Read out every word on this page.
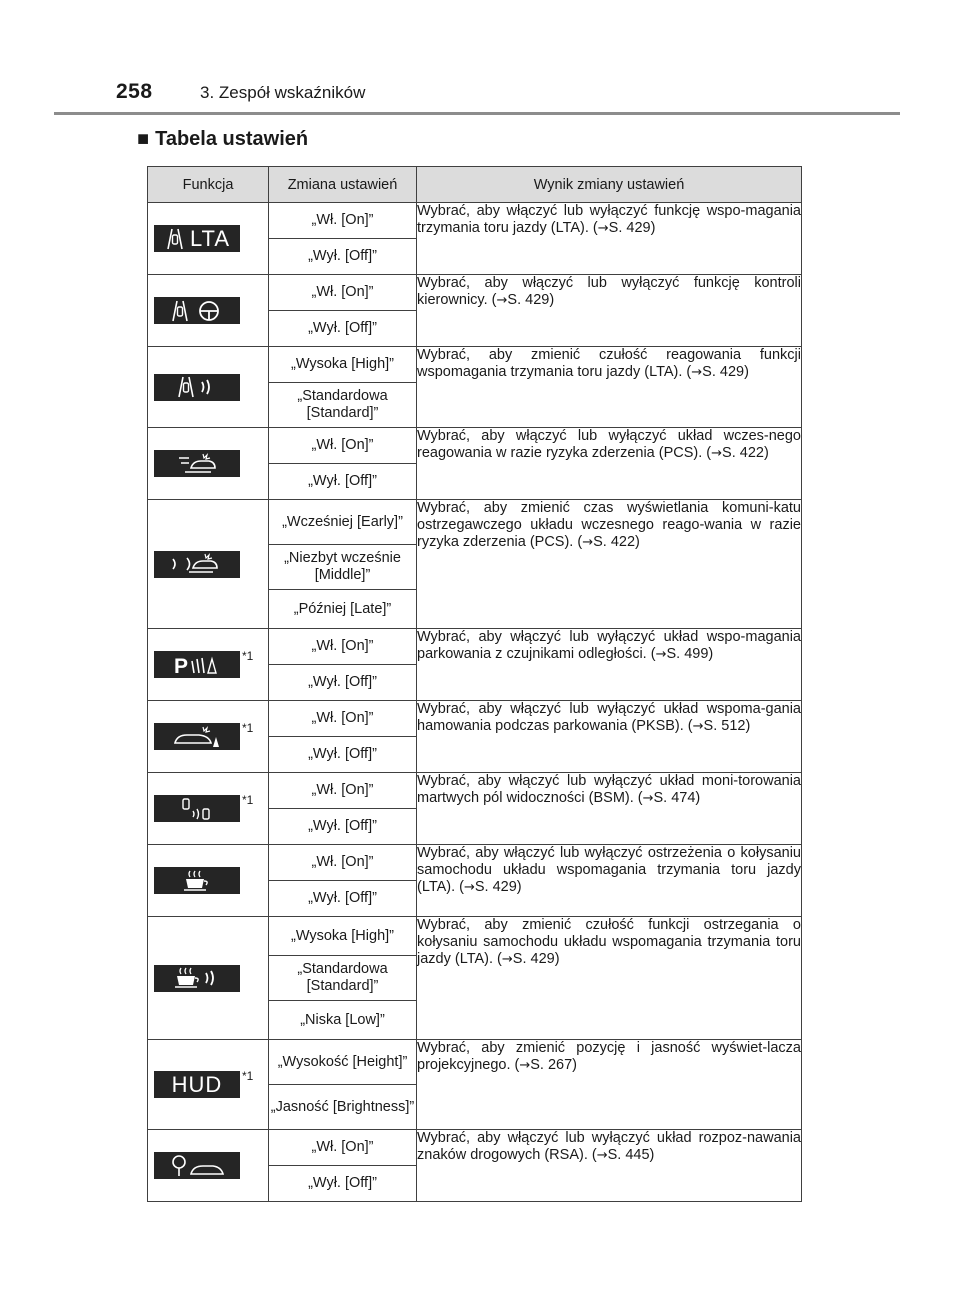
258	3. Zespół wskaźników
■ Tabela ustawień
Funkcja	Zmiana ustawień	Wynik zmiany ustawień

LTA	„Wł. [On]”	Wybrać, aby włączyć lub wyłączyć funkcję wspo-magania trzymania toru jazdy (LTA). (→S. 429)
	„Wył. [Off]”	

	„Wł. [On]”	Wybrać, aby włączyć lub wyłączyć funkcję kontroli kierownicy. (→S. 429)
	„Wył. [Off]”	

	„Wysoka [High]”	Wybrać, aby zmienić czułość reagowania funkcji wspomagania trzymania toru jazdy (LTA). (→S. 429)
	„Standardowa [Standard]”	

	„Wł. [On]”	Wybrać, aby włączyć lub wyłączyć układ wczes-nego reagowania w razie ryzyka zderzenia (PCS). (→S. 422)
	„Wył. [Off]”	

	„Wcześniej [Early]”	Wybrać, aby zmienić czas wyświetlania komuni-katu ostrzegawczego układu wczesnego reago-wania w razie ryzyka zderzenia (PCS). (→S. 422)
	„Niezbyt wcześnie [Middle]”	
	„Później [Late]”	

P *1	„Wł. [On]”	Wybrać, aby włączyć lub wyłączyć układ wspo-magania parkowania z czujnikami odległości. (→S. 499)
	„Wył. [Off]”	

*1	„Wł. [On]”	Wybrać, aby włączyć lub wyłączyć układ wspoma-gania hamowania podczas parkowania (PKSB). (→S. 512)
	„Wył. [Off]”	

*1	„Wł. [On]”	Wybrać, aby włączyć lub wyłączyć układ moni-torowania martwych pól widoczności (BSM). (→S. 474)
	„Wył. [Off]”	

	„Wł. [On]”	Wybrać, aby włączyć lub wyłączyć ostrzeżenia o kołysaniu samochodu układu wspomagania trzymania toru jazdy (LTA). (→S. 429)
	„Wył. [Off]”	

	„Wysoka [High]”	Wybrać, aby zmienić czułość funkcji ostrzegania o kołysaniu samochodu układu wspomagania trzymania toru jazdy (LTA). (→S. 429)
	„Standardowa [Standard]”	
	„Niska [Low]”	

HUD *1	„Wysokość [Height]”	Wybrać, aby zmienić pozycję i jasność wyświet-lacza projekcyjnego. (→S. 267)
	„Jasność [Brightness]”	

	„Wł. [On]”	Wybrać, aby włączyć lub wyłączyć układ rozpoz-nawania znaków drogowych (RSA). (→S. 445)
	„Wył. [Off]”	
